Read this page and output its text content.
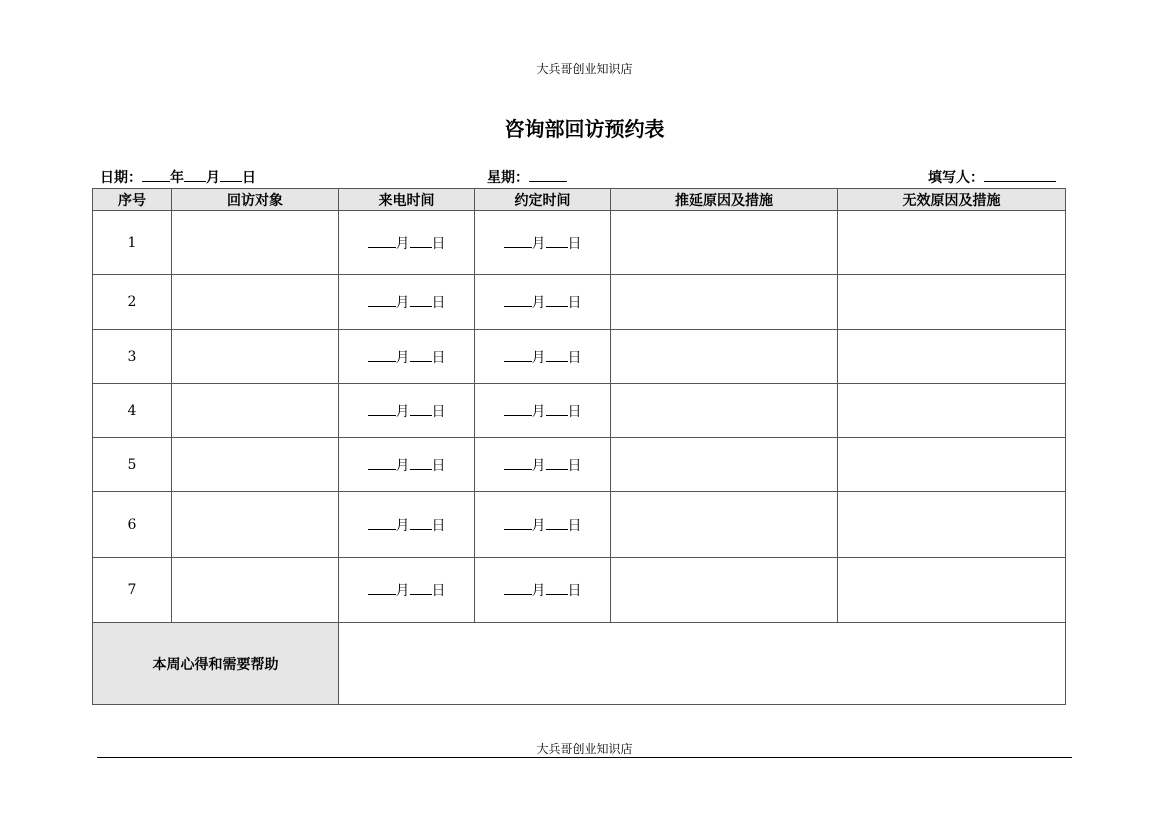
大兵哥创业知识店
咨询部回访预约表
日期： 年 月 日	星期：	填写人：
序号	回访对象	来电时间	约定时间	推延原因及措施	无效原因及措施
1		月 日	月 日		
2		月 日	月 日		
3		月 日	月 日		
4		月 日	月 日		
5		月 日	月 日		
6		月 日	月 日		
7		月 日	月 日		
本周心得和需要帮助					
大兵哥创业知识店
